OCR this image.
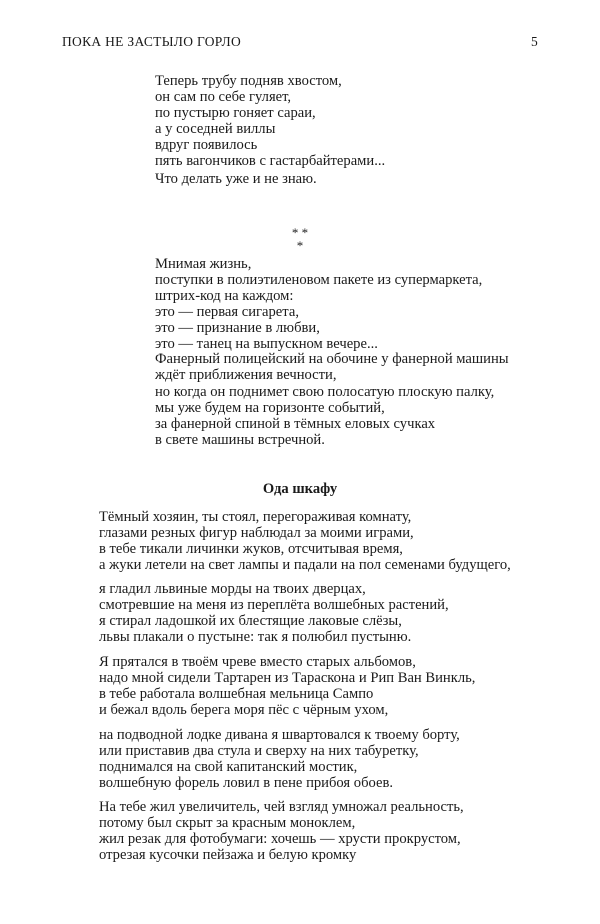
ПОКА НЕ ЗАСТЫЛО ГОРЛО	5
Теперь трубу подняв хвостом,
он сам по себе гуляет,
по пустырю гоняет сараи,
а у соседней виллы
вдруг появилось
пять вагончиков с гастарбайтерами...
Что делать уже и не знаю.
* *
*
Мнимая жизнь,
поступки в полиэтиленовом пакете из супермаркета,
штрих-код на каждом:
это — первая сигарета,
это — признание в любви,
это — танец на выпускном вечере...
Фанерный полицейский на обочине у фанерной машины
ждёт приближения вечности,
но когда он поднимет свою полосатую плоскую палку,
мы уже будем на горизонте событий,
за фанерной спиной в тёмных еловых сучках
в свете машины встречной.
Ода шкафу
Тёмный хозяин, ты стоял, перегораживая комнату,
глазами резных фигур наблюдал за моими играми,
в тебе тикали личинки жуков, отсчитывая время,
а жуки летели на свет лампы и падали на пол семенами будущего,
я гладил львиные морды на твоих дверцах,
смотревшие на меня из переплёта волшебных растений,
я стирал ладошкой их блестящие лаковые слёзы,
львы плакали о пустыне: так я полюбил пустыню.
Я прятался в твоём чреве вместо старых альбомов,
надо мной сидели Тартарен из Тараскона и Рип Ван Винкль,
в тебе работала волшебная мельница Сампо
и бежал вдоль берега моря пёс с чёрным ухом,
на подводной лодке дивана я швартовался к твоему борту,
или приставив два стула и сверху на них табуретку,
поднимался на свой капитанский мостик,
волшебную форель ловил в пене прибоя обоев.
На тебе жил увеличитель, чей взгляд умножал реальность,
потому был скрыт за красным моноклем,
жил резак для фотобумаги: хочешь — хрусти прокрустом,
отрезая кусочки пейзажа и белую кромку
